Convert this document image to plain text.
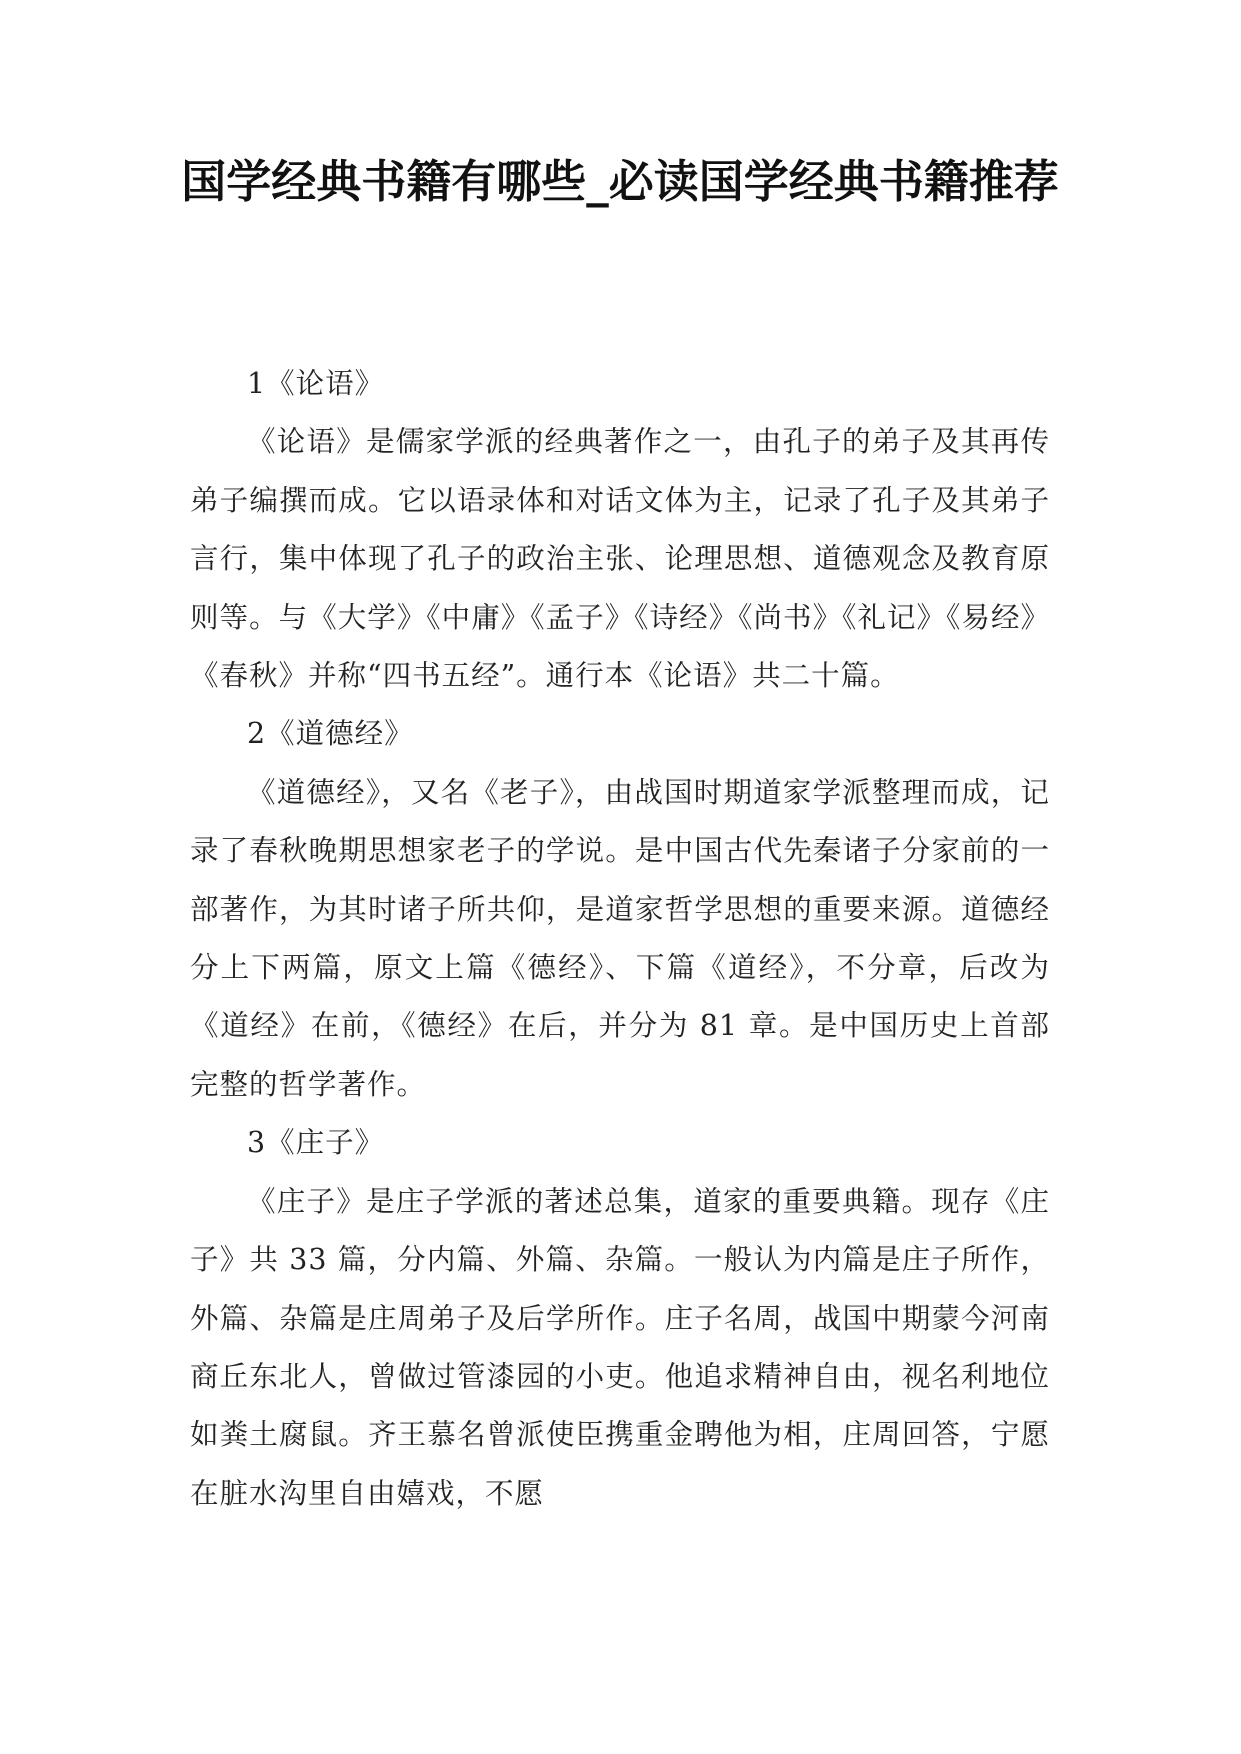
国学经典书籍有哪些_必读国学经典书籍推荐

1《论语》

《论语》是儒家学派的经典著作之一，由孔子的弟子及其再传弟子编撰而成。它以语录体和对话文体为主，记录了孔子及其弟子言行，集中体现了孔子的政治主张、论理思想、道德观念及教育原则等。与《大学》《中庸》《孟子》《诗经》《尚书》《礼记》《易经》《春秋》并称“四书五经”。通行本《论语》共二十篇。

2《道德经》

《道德经》，又名《老子》，由战国时期道家学派整理而成，记录了春秋晚期思想家老子的学说。是中国古代先秦诸子分家前的一部著作，为其时诸子所共仰，是道家哲学思想的重要来源。道德经分上下两篇，原文上篇《德经》、下篇《道经》，不分章，后改为《道经》在前，《德经》在后，并分为 81 章。是中国历史上首部完整的哲学著作。

3《庄子》

《庄子》是庄子学派的著述总集，道家的重要典籍。现存《庄子》共 33 篇，分内篇、外篇、杂篇。一般认为内篇是庄子所作，外篇、杂篇是庄周弟子及后学所作。庄子名周，战国中期蒙今河南商丘东北人，曾做过管漆园的小吏。他追求精神自由，视名利地位如粪土腐鼠。齐王慕名曾派使臣携重金聘他为相，庄周回答，宁愿在脏水沟里自由嬉戏，不愿
